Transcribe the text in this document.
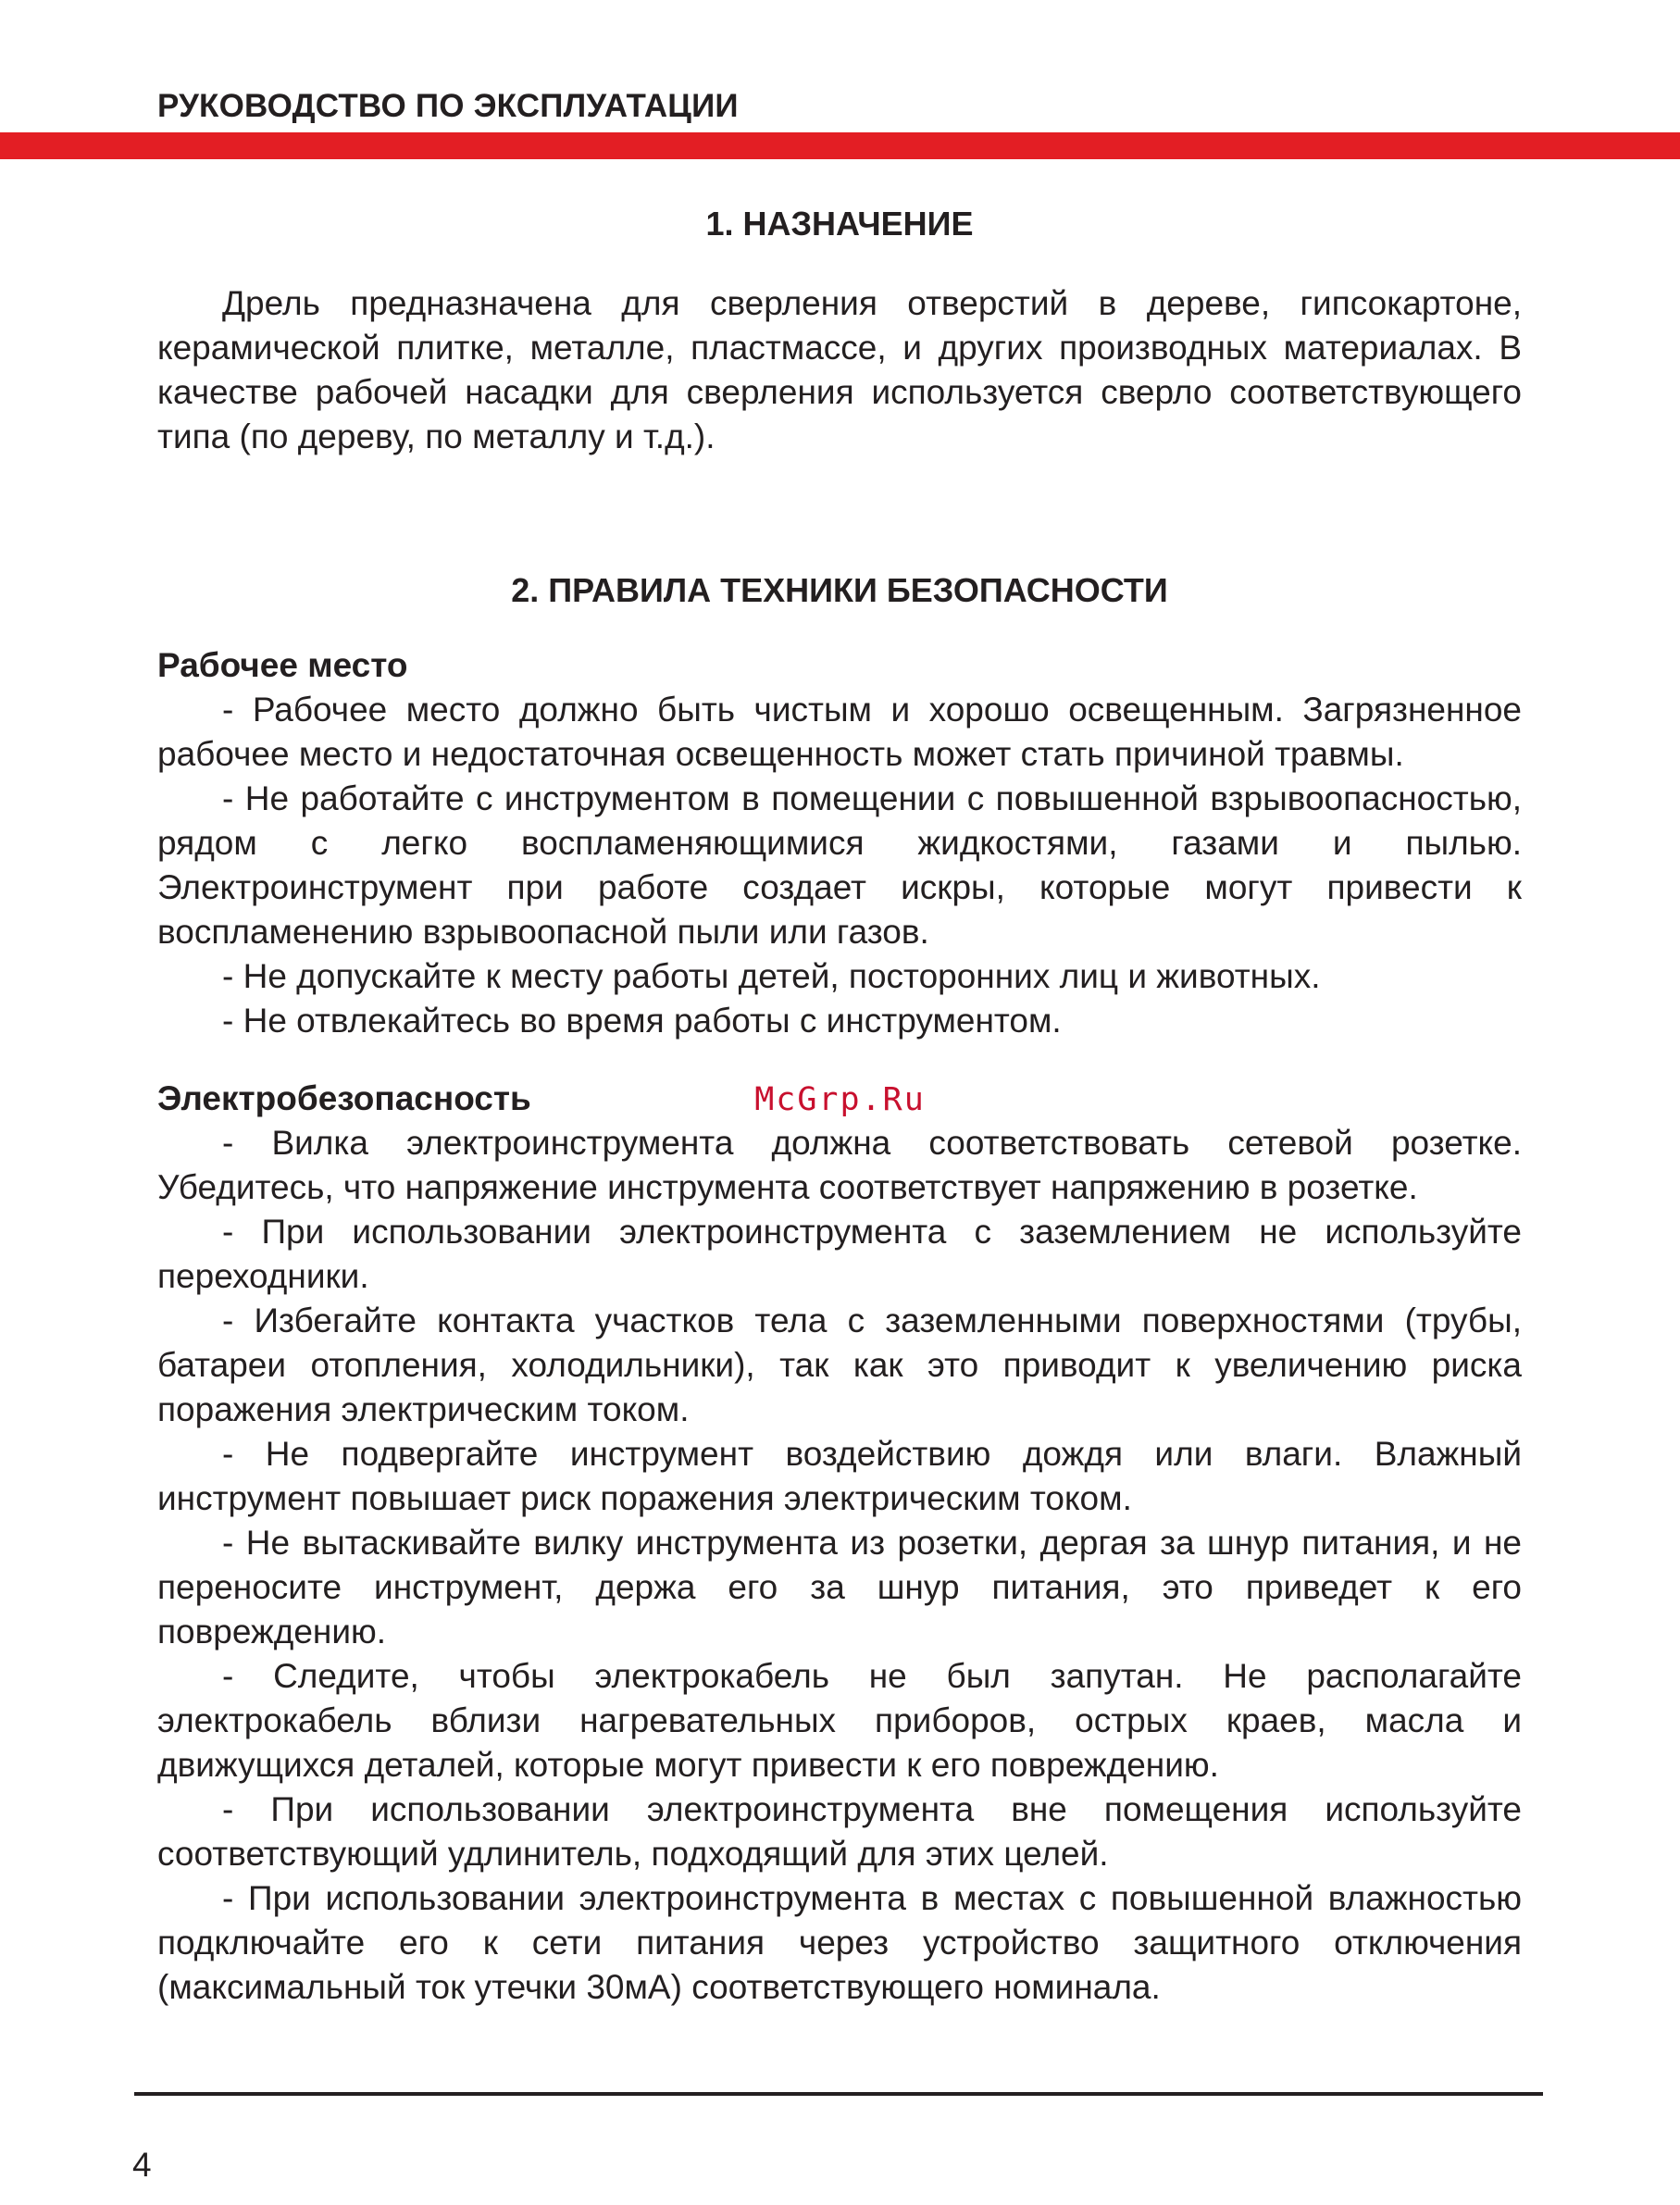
РУКОВОДСТВО ПО ЭКСПЛУАТАЦИИ
1. НАЗНАЧЕНИЕ

Дрель предназначена для сверления отверстий в дереве, гипсокартоне, керамической плитке, металле, пластмассе, и других производных материалах. В качестве рабочей насадки для сверления используется сверло соответствующего типа (по дереву, по металлу и т.д.).

2. ПРАВИЛА ТЕХНИКИ БЕЗОПАСНОСТИ
Рабочее место

- Рабочее место должно быть чистым и хорошо освещенным. Загрязненное рабочее место и недостаточная освещенность может стать причиной травмы.

- Не работайте с инструментом в помещении с повышенной взрывоопасностью, рядом с легко воспламеняющимися жидкостями, газами и пылью. Электроинструмент при работе создает искры, которые могут привести к воспламенению взрывоопасной пыли или газов.

- Не допускайте к месту работы детей, посторонних лиц и животных.

- Не отвлекайтесь во время работы с инструментом.

Электробезопасность

- Вилка электроинструмента должна соответствовать сетевой розетке. Убедитесь, что напряжение инструмента соответствует напряжению в розетке.

- При использовании электроинструмента с заземлением не используйте переходники.

- Избегайте контакта участков тела с заземленными поверхностями (трубы, батареи отопления, холодильники), так как это приводит к увеличению риска поражения электрическим током.

- Не подвергайте инструмент воздействию дождя или влаги. Влажный инструмент повышает риск поражения электрическим током.

- Не вытаскивайте вилку инструмента из розетки, дергая за шнур питания, и не переносите инструмент, держа его за шнур питания, это приведет к его повреждению.

- Следите, чтобы электрокабель не был запутан. Не располагайте электрокабель вблизи нагревательных приборов, острых краев, масла и движущихся деталей, которые могут привести к его повреждению.

- При использовании электроинструмента вне помещения используйте соответствующий удлинитель, подходящий для этих целей.

- При использовании электроинструмента в местах с повышенной влажностью подключайте его к сети питания через устройство защитного отключения (максимальный ток утечки 30мА) соответствующего номинала.

McGrp.Ru
4
